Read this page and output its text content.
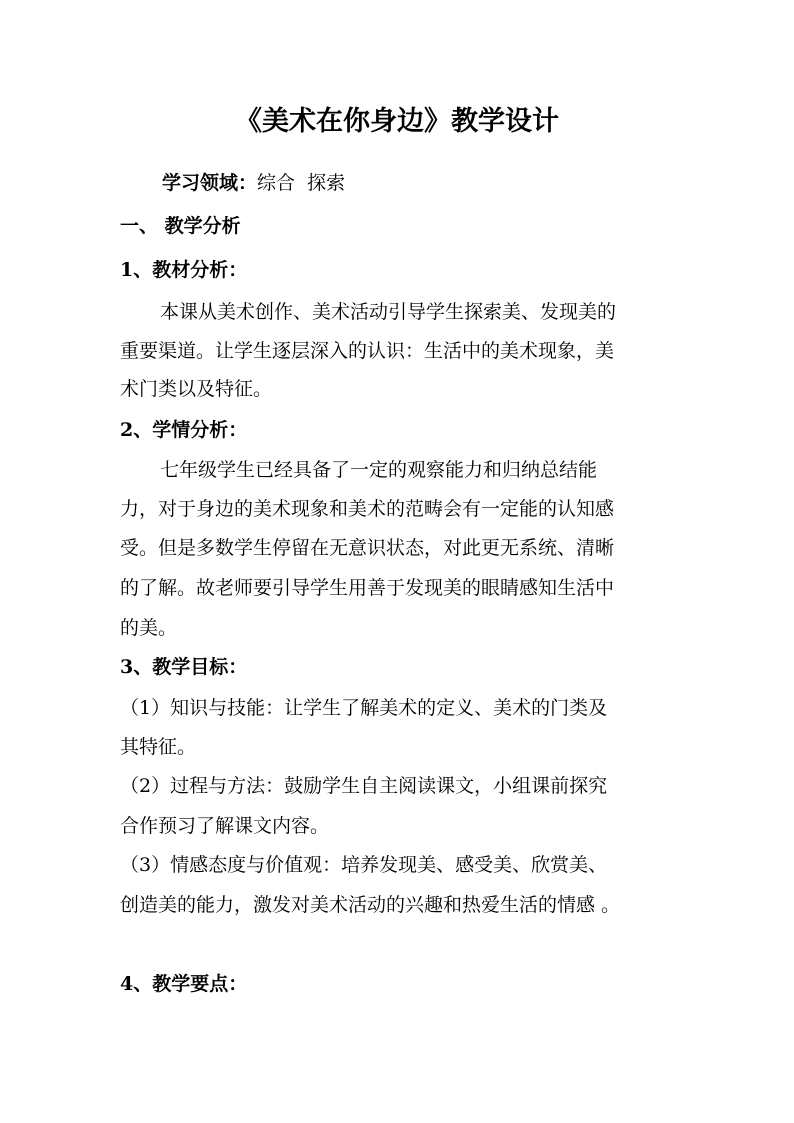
《美术在你身边》教学设计
学习领域：综合  探索
一、 教学分析
1、教材分析：
本课从美术创作、美术活动引导学生探索美、发现美的
重要渠道。让学生逐层深入的认识：生活中的美术现象，美
术门类以及特征。
2、学情分析：
七年级学生已经具备了一定的观察能力和归纳总结能
力，对于身边的美术现象和美术的范畴会有一定能的认知感
受。但是多数学生停留在无意识状态，对此更无系统、清晰
的了解。故老师要引导学生用善于发现美的眼睛感知生活中
的美。
3、教学目标：
（1）知识与技能：让学生了解美术的定义、美术的门类及
其特征。
（2）过程与方法：鼓励学生自主阅读课文，小组课前探究
合作预习了解课文内容。
（3）情感态度与价值观：培养发现美、感受美、欣赏美、
创造美的能力，激发对美术活动的兴趣和热爱生活的情感 。
4、教学要点：
